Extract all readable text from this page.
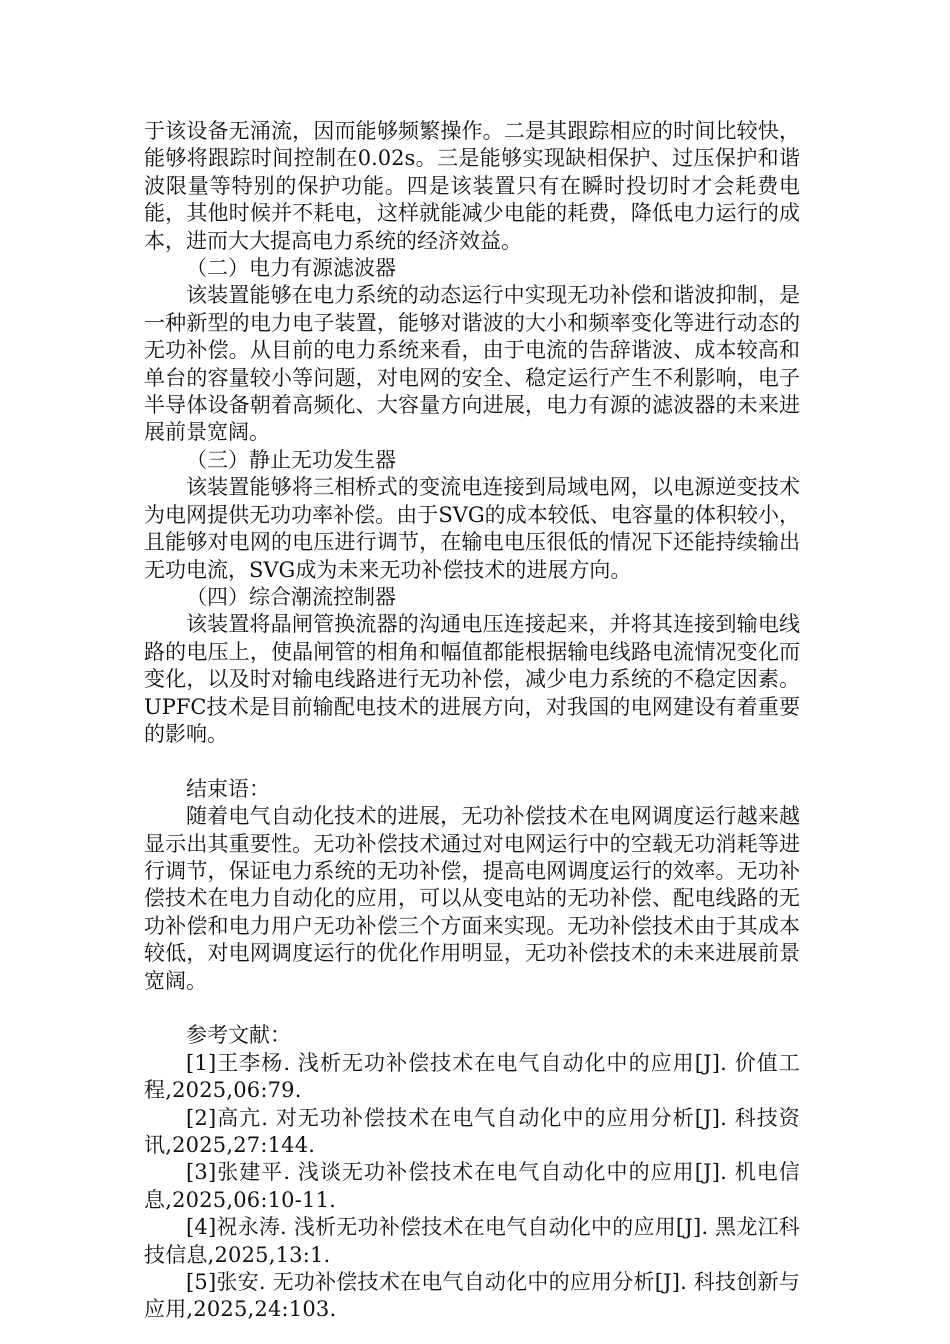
于该设备无涌流，因而能够频繁操作。二是其跟踪相应的时间比较快，能够将跟踪时间控制在0.02s。三是能够实现缺相保护、过压保护和谐波限量等特别的保护功能。四是该装置只有在瞬时投切时才会耗费电能，其他时候并不耗电，这样就能减少电能的耗费，降低电力运行的成本，进而大大提高电力系统的经济效益。

（二）电力有源滤波器

该装置能够在电力系统的动态运行中实现无功补偿和谐波抑制，是一种新型的电力电子装置，能够对谐波的大小和频率变化等进行动态的无功补偿。从目前的电力系统来看，由于电流的告辞谐波、成本较高和单台的容量较小等问题，对电网的安全、稳定运行产生不利影响，电子半导体设备朝着高频化、大容量方向进展，电力有源的滤波器的未来进展前景宽阔。

（三）静止无功发生器

该装置能够将三相桥式的变流电连接到局域电网，以电源逆变技术为电网提供无功功率补偿。由于SVG的成本较低、电容量的体积较小，且能够对电网的电压进行调节，在输电电压很低的情况下还能持续输出无功电流，SVG成为未来无功补偿技术的进展方向。

（四）综合潮流控制器

该装置将晶闸管换流器的沟通电压连接起来，并将其连接到输电线路的电压上，使晶闸管的相角和幅值都能根据输电线路电流情况变化而变化，以及时对输电线路进行无功补偿，减少电力系统的不稳定因素。UPFC技术是目前输配电技术的进展方向，对我国的电网建设有着重要的影响。

结束语：

随着电气自动化技术的进展，无功补偿技术在电网调度运行越来越显示出其重要性。无功补偿技术通过对电网运行中的空载无功消耗等进行调节，保证电力系统的无功补偿，提高电网调度运行的效率。无功补偿技术在电力自动化的应用，可以从变电站的无功补偿、配电线路的无功补偿和电力用户无功补偿三个方面来实现。无功补偿技术由于其成本较低，对电网调度运行的优化作用明显，无功补偿技术的未来进展前景宽阔。

参考文献：

[1]王李杨. 浅析无功补偿技术在电气自动化中的应用[J]. 价值工程,2025,06:79.

[2]高亢. 对无功补偿技术在电气自动化中的应用分析[J]. 科技资讯,2025,27:144.

[3]张建平. 浅谈无功补偿技术在电气自动化中的应用[J]. 机电信息,2025,06:10-11.

[4]祝永涛. 浅析无功补偿技术在电气自动化中的应用[J]. 黑龙江科技信息,2025,13:1.

[5]张安. 无功补偿技术在电气自动化中的应用分析[J]. 科技创新与应用,2025,24:103.
